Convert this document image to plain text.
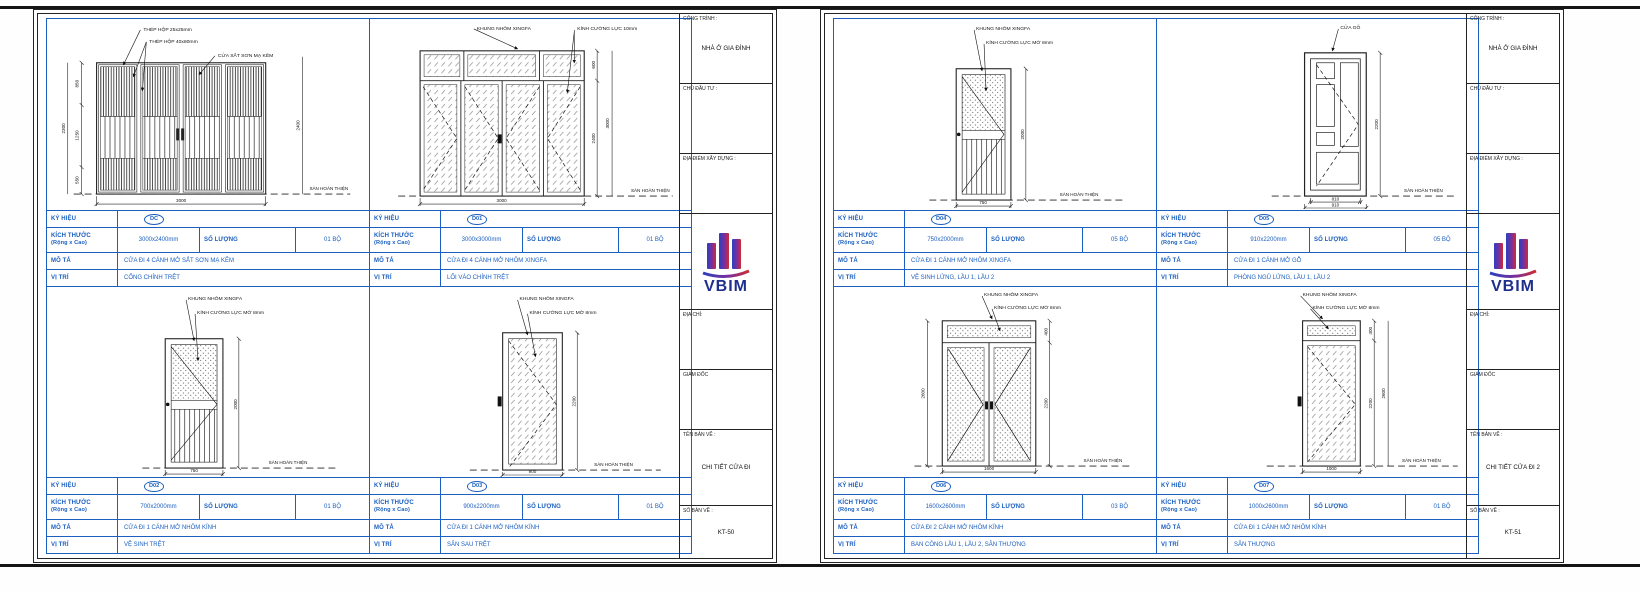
850
1250
550
2300	2400
3000
THÉP HỘP 25x25mm
THÉP HỘP 40x80mm
CỬA SẮT SƠN MẠ KẼM
SÀN HOÀN THIỆN
KÝ HIỆU	DC
KÍCH THƯỚC
(Rộng x Cao)	3000x2400mm	SỐ LƯỢNG	01 BỘ
MÔ TẢ	CỬA ĐI 4 CÁNH MỞ SẮT SƠN MẠ KẼM
VỊ TRÍ	CỔNG CHÍNH TRỆT
600
2400
3000
3000
KHUNG NHÔM XINGFA	KÍNH CƯỜNG LỰC 10mm
SÀN HOÀN THIỆN
KÝ HIỆU	D01
KÍCH THƯỚC
(Rộng x Cao)	3000x3000mm	SỐ LƯỢNG	01 BỘ
MÔ TẢ	CỬA ĐI 4 CÁNH MỞ NHÔM XINGFA
VỊ TRÍ	LỐI VÀO CHÍNH TRỆT
2000
750
KHUNG NHÔM XINGFA
KÍNH CƯỜNG LỰC MỜ 8mm
SÀN HOÀN THIỆN
KÝ HIỆU	D02
KÍCH THƯỚC
(Rộng x Cao)	700x2000mm	SỐ LƯỢNG	01 BỘ
MÔ TẢ	CỬA ĐI 1 CÁNH MỞ NHÔM KÍNH
VỊ TRÍ	VỆ SINH TRỆT
2200
900
KHUNG NHÔM XINGFA
KÍNH CƯỜNG LỰC MỜ 8mm
SÀN HOÀN THIỆN
KÝ HIỆU	D03
KÍCH THƯỚC
(Rộng x Cao)	900x2200mm	SỐ LƯỢNG	01 BỘ
MÔ TẢ	CỬA ĐI 1 CÁNH MỞ NHÔM KÍNH
VỊ TRÍ	SÂN SAU TRỆT
CÔNG TRÌNH :
NHÀ Ở GIA ĐÌNH
CHỦ ĐẦU TƯ :
ĐỊA ĐIỂM XÂY DỰNG :
VBIM
ĐỊA CHỈ:
GIÁM ĐỐC
TÊN BẢN VẼ :
CHI TIẾT CỬA ĐI
SỐ BẢN VẼ :
KT-50
2000
750
KHUNG NHÔM XINGFA
KÍNH CƯỜNG LỰC MỜ 8mm
SÀN HOÀN THIỆN
KÝ HIỆU	D04
KÍCH THƯỚC
(Rộng x Cao)	750x2000mm	SỐ LƯỢNG	05 BỘ
MÔ TẢ	CỬA ĐI 1 CÁNH MỞ NHÔM XINGFA
VỊ TRÍ	VỆ SINH LỬNG, LẦU 1, LẦU 2
2200
810
910
CỬA GỖ
SÀN HOÀN THIỆN
KÝ HIỆU	D05
KÍCH THƯỚC
(Rộng x Cao)	910x2200mm	SỐ LƯỢNG	05 BỘ
MÔ TẢ	CỬA ĐI 1 CÁNH MỞ GỖ
VỊ TRÍ	PHÒNG NGỦ LỬNG, LẦU 1, LẦU 2
2600
400
2200
1600
KHUNG NHÔM XINGFA
KÍNH CƯỜNG LỰC MỜ 8mm
SÀN HOÀN THIỆN
KÝ HIỆU	D06
KÍCH THƯỚC
(Rộng x Cao)	1600x2600mm	SỐ LƯỢNG	03 BỘ
MÔ TẢ	CỬA ĐI 2 CÁNH MỞ NHÔM KÍNH
VỊ TRÍ	BAN CÔNG LẦU 1, LẦU 2, SÂN THƯỢNG
400
2200
2600
1000
KHUNG NHÔM XINGFA
KÍNH CƯỜNG LỰC MỜ 8mm
SÀN HOÀN THIỆN
KÝ HIỆU	D07
KÍCH THƯỚC
(Rộng x Cao)	1000x2600mm	SỐ LƯỢNG	01 BỘ
MÔ TẢ	CỬA ĐI 1 CÁNH MỞ NHÔM KÍNH
VỊ TRÍ	SÂN THƯỢNG
CÔNG TRÌNH :
NHÀ Ở GIA ĐÌNH
CHỦ ĐẦU TƯ :
ĐỊA ĐIỂM XÂY DỰNG :
VBIM
ĐỊA CHỈ:
GIÁM ĐỐC
TÊN BẢN VẼ :
CHI TIẾT CỬA ĐI 2
SỐ BẢN VẼ :
KT-51
